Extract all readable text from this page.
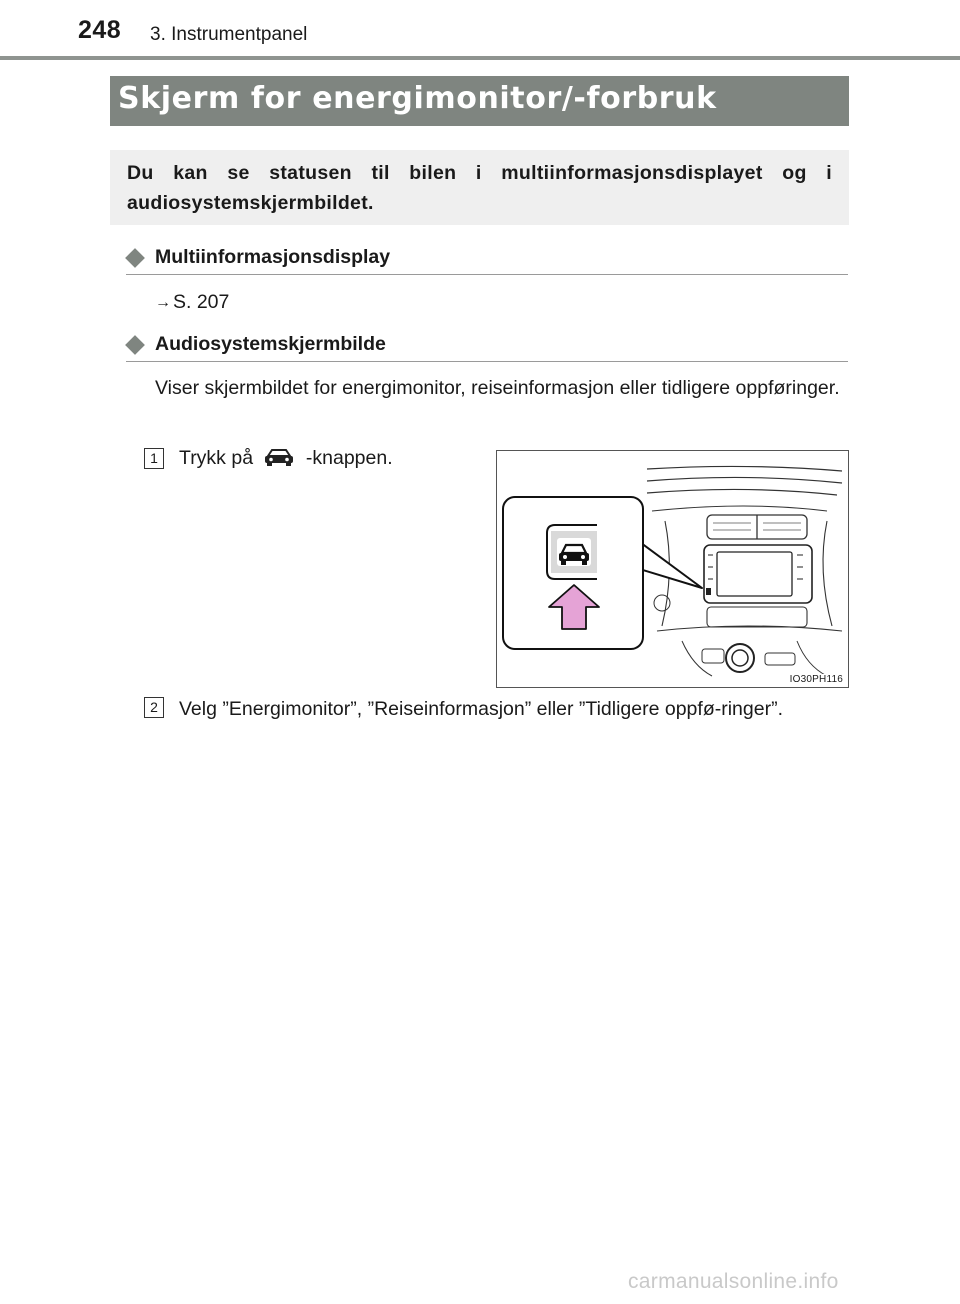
248 3. Instrumentpanel
Skjerm for energimonitor/-forbruk
Du kan se statusen til bilen i multiinformasjonsdisplayet og i audiosystemskjermbildet.
Multiinformasjonsdisplay
→ S. 207
Audiosystemskjermbilde
Viser skjermbildet for energimonitor, reiseinformasjon eller tidligere oppføringer.
1	Trykk på	-knappen.
IO30PH116
2	Velg ”Energimonitor”, ”Reiseinformasjon” eller ”Tidligere oppfø-ringer”.
carmanualsonline.info
